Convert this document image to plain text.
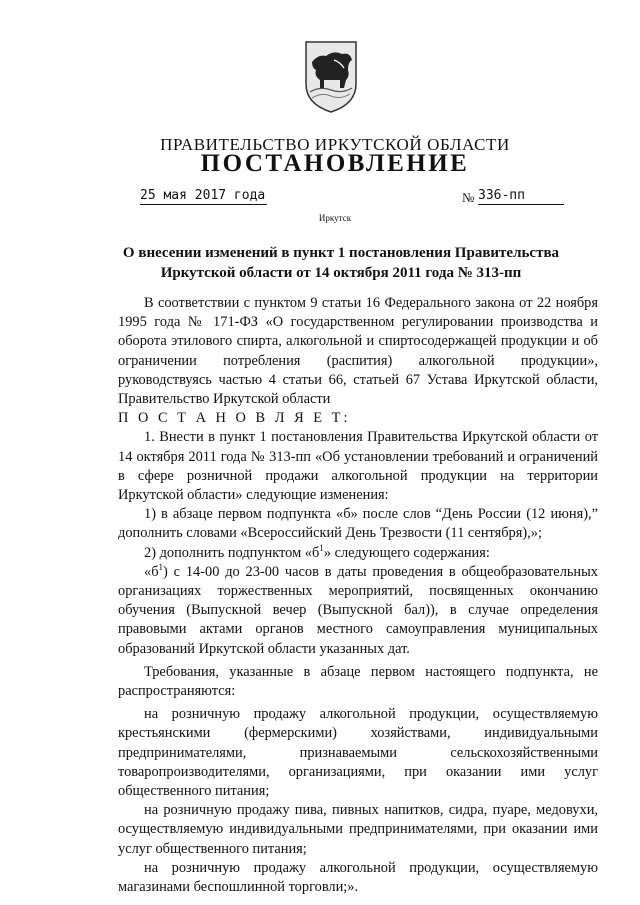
ПРАВИТЕЛЬСТВО ИРКУТСКОЙ ОБЛАСТИ
ПОСТАНОВЛЕНИЕ
25 мая 2017 года	№ 336-пп
Иркутск
О внесении изменений в пункт 1 постановления Правительства Иркутской области от 14 октября 2011 года № 313-пп

В соответствии с пунктом 9 статьи 16 Федерального закона от 22 ноября 1995 года № 171-ФЗ «О государственном регулировании производства и оборота этилового спирта, алкогольной и спиртосодержащей продукции и об ограничении потребления (распития) алкогольной продукции», руководствуясь частью 4 статьи 66, статьей 67 Устава Иркутской области, Правительство Иркутской области

П О С Т А Н О В Л Я Е Т:

1. Внести в пункт 1 постановления Правительства Иркутской области от 14 октября 2011 года № 313-пп «Об установлении требований и ограничений в сфере розничной продажи алкогольной продукции на территории Иркутской области» следующие изменения:

1) в абзаце первом подпункта «б» после слов “День России (12 июня),” дополнить словами «Всероссийский День Трезвости (11 сентября),»;

2) дополнить подпунктом «$б^1$» следующего содержания:

«$б^1$) с 14-00 до 23-00 часов в даты проведения в общеобразовательных организациях торжественных мероприятий, посвященных окончанию обучения (Выпускной вечер (Выпускной бал)), в случае определения правовыми актами органов местного самоуправления муниципальных образований Иркутской области указанных дат.

Требования, указанные в абзаце первом настоящего подпункта, не распространяются:

на розничную продажу алкогольной продукции, осуществляемую крестьянскими (фермерскими) хозяйствами, индивидуальными предпринимателями, признаваемыми сельскохозяйственными товаропроизводителями, организациями, при оказании ими услуг общественного питания;

на розничную продажу пива, пивных напитков, сидра, пуаре, медовухи, осуществляемую индивидуальными предпринимателями, при оказании ими услуг общественного питания;

на розничную продажу алкогольной продукции, осуществляемую магазинами беспошлинной торговли;».
